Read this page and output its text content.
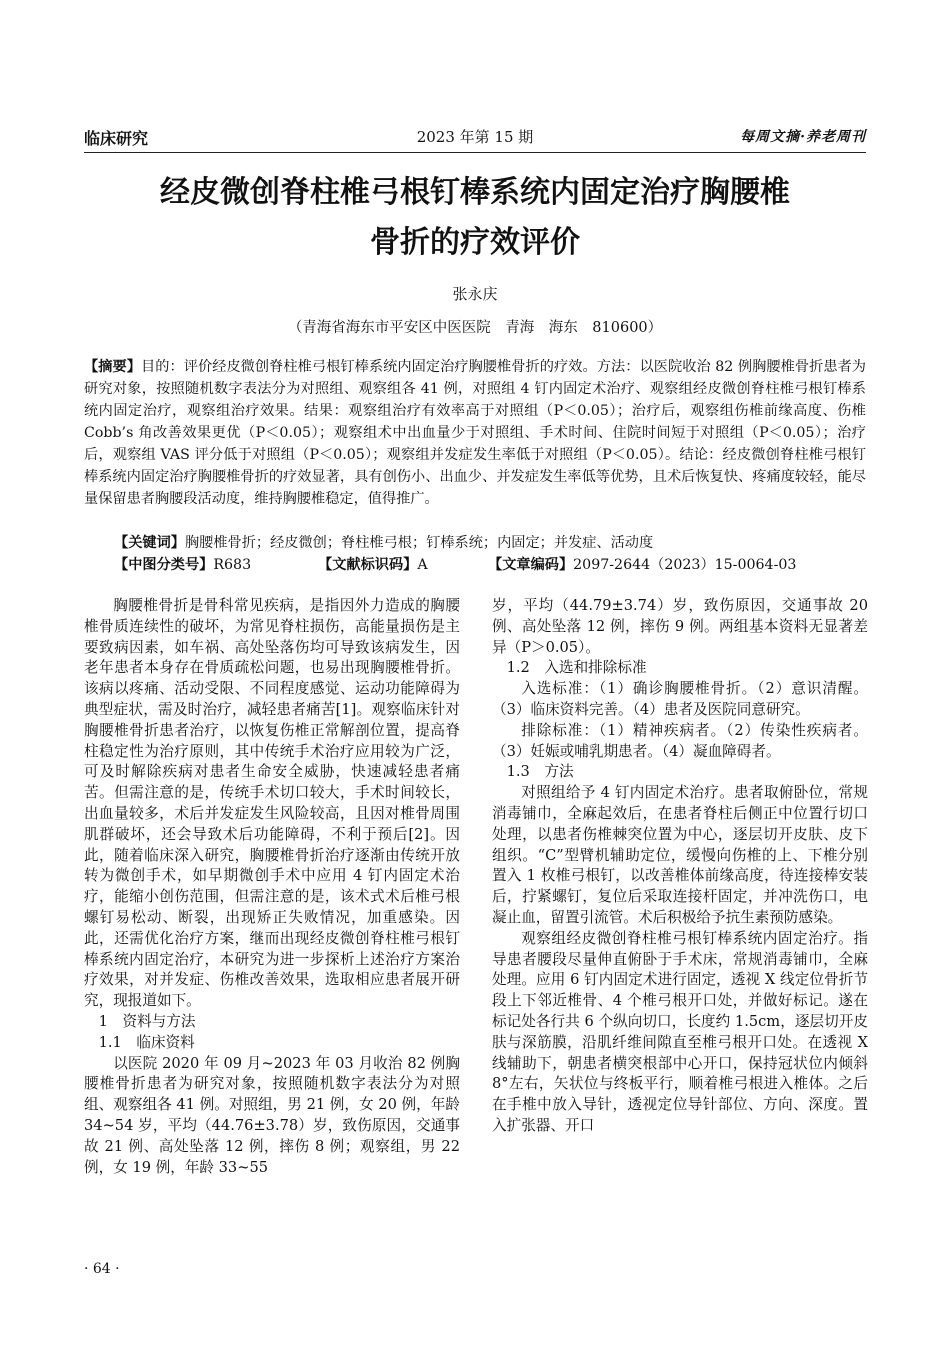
临床研究	2023 年第 15 期	每周文摘·养老周刊
经皮微创脊柱椎弓根钉棒系统内固定治疗胸腰椎
骨折的疗效评价
张永庆
（青海省海东市平安区中医医院　青海　海东　810600）
【摘要】目的：评价经皮微创脊柱椎弓根钉棒系统内固定治疗胸腰椎骨折的疗效。方法：以医院收治 82 例胸腰椎骨折患者为研究对象，按照随机数字表法分为对照组、观察组各 41 例，对照组 4 钉内固定术治疗、观察组经皮微创脊柱椎弓根钉棒系统内固定治疗，观察组治疗效果。结果：观察组治疗有效率高于对照组（P＜0.05）；治疗后，观察组伤椎前缘高度、伤椎 Cobb’s 角改善效果更优（P＜0.05）；观察组术中出血量少于对照组、手术时间、住院时间短于对照组（P＜0.05）；治疗后，观察组 VAS 评分低于对照组（P＜0.05）；观察组并发症发生率低于对照组（P＜0.05）。结论：经皮微创脊柱椎弓根钉棒系统内固定治疗胸腰椎骨折的疗效显著，具有创伤小、出血少、并发症发生率低等优势，且术后恢复快、疼痛度较轻，能尽量保留患者胸腰段活动度，维持胸腰椎稳定，值得推广。
【关键词】胸腰椎骨折；经皮微创；脊柱椎弓根；钉棒系统；内固定；并发症、活动度
【中图分类号】R683	【文献标识码】A	【文章编码】2097-2644（2023）15-0064-03

胸腰椎骨折是骨科常见疾病，是指因外力造成的胸腰椎骨质连续性的破坏，为常见脊柱损伤，高能量损伤是主要致病因素，如车祸、高处坠落伤均可导致该病发生，因老年患者本身存在骨质疏松问题，也易出现胸腰椎骨折。该病以疼痛、活动受限、不同程度感觉、运动功能障碍为典型症状，需及时治疗，减轻患者痛苦[1]。观察临床针对胸腰椎骨折患者治疗，以恢复伤椎正常解剖位置，提高脊柱稳定性为治疗原则，其中传统手术治疗应用较为广泛，可及时解除疾病对患者生命安全威胁，快速减轻患者痛苦。但需注意的是，传统手术切口较大，手术时间较长，出血量较多，术后并发症发生风险较高，且因对椎骨周围肌群破坏，还会导致术后功能障碍，不利于预后[2]。因此，随着临床深入研究，胸腰椎骨折治疗逐渐由传统开放转为微创手术，如早期微创手术中应用 4 钉内固定术治疗，能缩小创伤范围，但需注意的是，该术式术后椎弓根螺钉易松动、断裂，出现矫正失败情况，加重感染。因此，还需优化治疗方案，继而出现经皮微创脊柱椎弓根钉棒系统内固定治疗，本研究为进一步探析上述治疗方案治疗效果，对并发症、伤椎改善效果，选取相应患者展开研究，现报道如下。

1　资料与方法

1.1　临床资料

以医院 2020 年 09 月~2023 年 03 月收治 82 例胸腰椎骨折患者为研究对象，按照随机数字表法分为对照组、观察组各 41 例。对照组，男 21 例，女 20 例，年龄 34~54 岁，平均（44.76±3.78）岁，致伤原因，交通事故 21 例、高处坠落 12 例，摔伤 8 例；观察组，男 22 例，女 19 例，年龄 33~55

岁，平均（44.79±3.74）岁，致伤原因，交通事故 20 例、高处坠落 12 例，摔伤 9 例。两组基本资料无显著差异（P＞0.05）。

1.2　入选和排除标准

入选标准：（1）确诊胸腰椎骨折。（2）意识清醒。（3）临床资料完善。（4）患者及医院同意研究。

排除标准：（1）精神疾病者。（2）传染性疾病者。（3）妊娠或哺乳期患者。（4）凝血障碍者。

1.3　方法

对照组给予 4 钉内固定术治疗。患者取俯卧位，常规消毒铺巾，全麻起效后，在患者脊柱后侧正中位置行切口处理，以患者伤椎棘突位置为中心，逐层切开皮肤、皮下组织。“C”型臂机辅助定位，缓慢向伤椎的上、下椎分别置入 1 枚椎弓根钉，以改善椎体前缘高度，待连接棒安装后，拧紧螺钉，复位后采取连接杆固定，并冲洗伤口，电凝止血，留置引流管。术后积极给予抗生素预防感染。

观察组经皮微创脊柱椎弓根钉棒系统内固定治疗。指导患者腰段尽量伸直俯卧于手术床，常规消毒铺巾，全麻处理。应用 6 钉内固定术进行固定，透视 X 线定位骨折节段上下邻近椎骨、4 个椎弓根开口处，并做好标记。遂在标记处各行共 6 个纵向切口，长度约 1.5cm，逐层切开皮肤与深筋膜，沿肌纤维间隙直至椎弓根开口处。在透视 X 线辅助下，朝患者横突根部中心开口，保持冠状位内倾斜 8°左右，矢状位与终板平行，顺着椎弓根进入椎体。之后在手椎中放入导针，透视定位导针部位、方向、深度。置入扩张器、开口

· 64 ·
